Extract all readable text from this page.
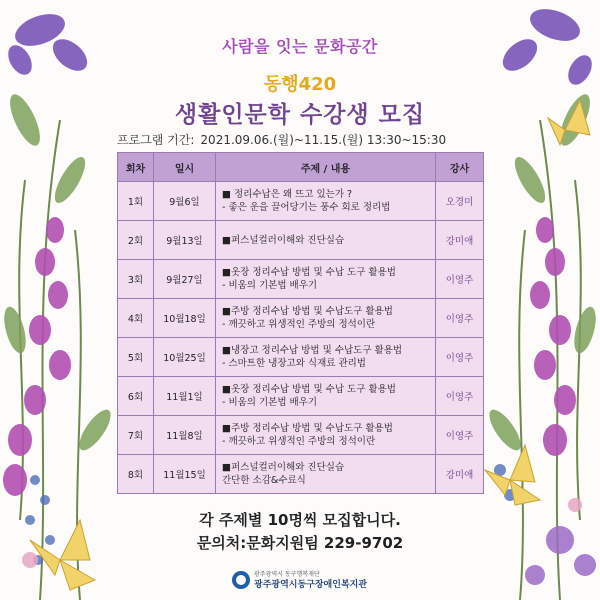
사람을 잇는 문화공간
동행420
생활인문학 수강생 모집
프로그램 기간: 2021.09.06.(월)~11.15.(월) 13:30~15:30
회차	일시	주제 / 내용	강사
1회	9월6일	■ 정리수납은 왜 뜨고 있는가 ?
- 좋은 운을 끌어당기는 풍수 회로 정리법	오경미
2회	9월13일	■퍼스널컬러이해와 진단실습	강미애
3회	9월27일	■옷장 정리수납 방법 및 수납 도구 활용법
- 비움의 기본법 배우기	이영주
4회	10월18일	■주방 정리수납 방법 및 수납도구 활용법
- 깨끗하고 위생적인 주방의 정석이란	이영주
5회	10월25일	■냉장고 정리수납 방법 및 수납도구 활용법
- 스마트한 냉장고와 식재료 관리법	이영주
6회	11월1일	■옷장 정리수납 방법 및 수납 도구 활용법
- 비움의 기본법 배우기	이영주
7회	11월8일	■주방 정리수납 방법 및 수납도구 활용법
- 깨끗하고 위생적인 주방의 정석이란	이영주
8회	11월15일	■퍼스널컬러이해와 진단실습
간단한 소감&수료식	강미애
각 주제별 10명씩 모집합니다.
문의처:문화지원팀 229-9702
광주광역시 동구행복재단
광주광역시동구장애인복지관
